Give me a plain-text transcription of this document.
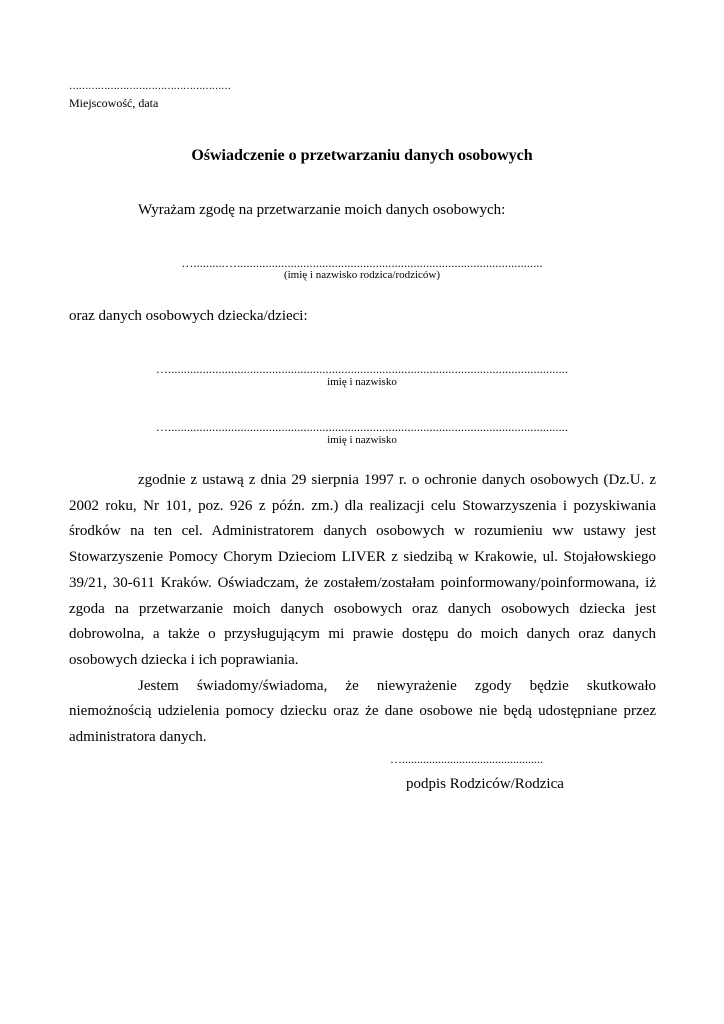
……………………………………………
Miejscowość, data
Oświadczenie o przetwarzaniu danych osobowych
Wyrażam zgodę na przetwarzanie moich danych osobowych:
…..........….................................................................................................
(imię i nazwisko rodzica/rodziców)
oraz danych osobowych dziecka/dzieci:
…...............................................................................................................................
imię i nazwisko
…...............................................................................................................................
imię i nazwisko

zgodnie z ustawą z dnia 29 sierpnia 1997 r. o ochronie danych osobowych (Dz.U. z 2002 roku, Nr 101, poz. 926 z późn. zm.) dla realizacji celu Stowarzyszenia i pozyskiwania środków na ten cel. Administratorem danych osobowych w rozumieniu ww ustawy jest Stowarzyszenie Pomocy Chorym Dzieciom LIVER z siedzibą w Krakowie, ul. Stojałowskiego 39/21, 30-611 Kraków. Oświadczam, że zostałem/zostałam poinformowany/poinformowana, iż zgoda na przetwarzanie moich danych osobowych oraz danych osobowych dziecka jest dobrowolna, a także o przysługującym mi prawie dostępu do moich danych oraz danych osobowych dziecka i ich poprawiania.

Jestem świadomy/świadoma, że niewyrażenie zgody będzie skutkowało niemożnością udzielenia pomocy dziecku oraz że dane osobowe nie będą udostępniane przez administratora danych.

…...............................................
podpis Rodziców/Rodzica
